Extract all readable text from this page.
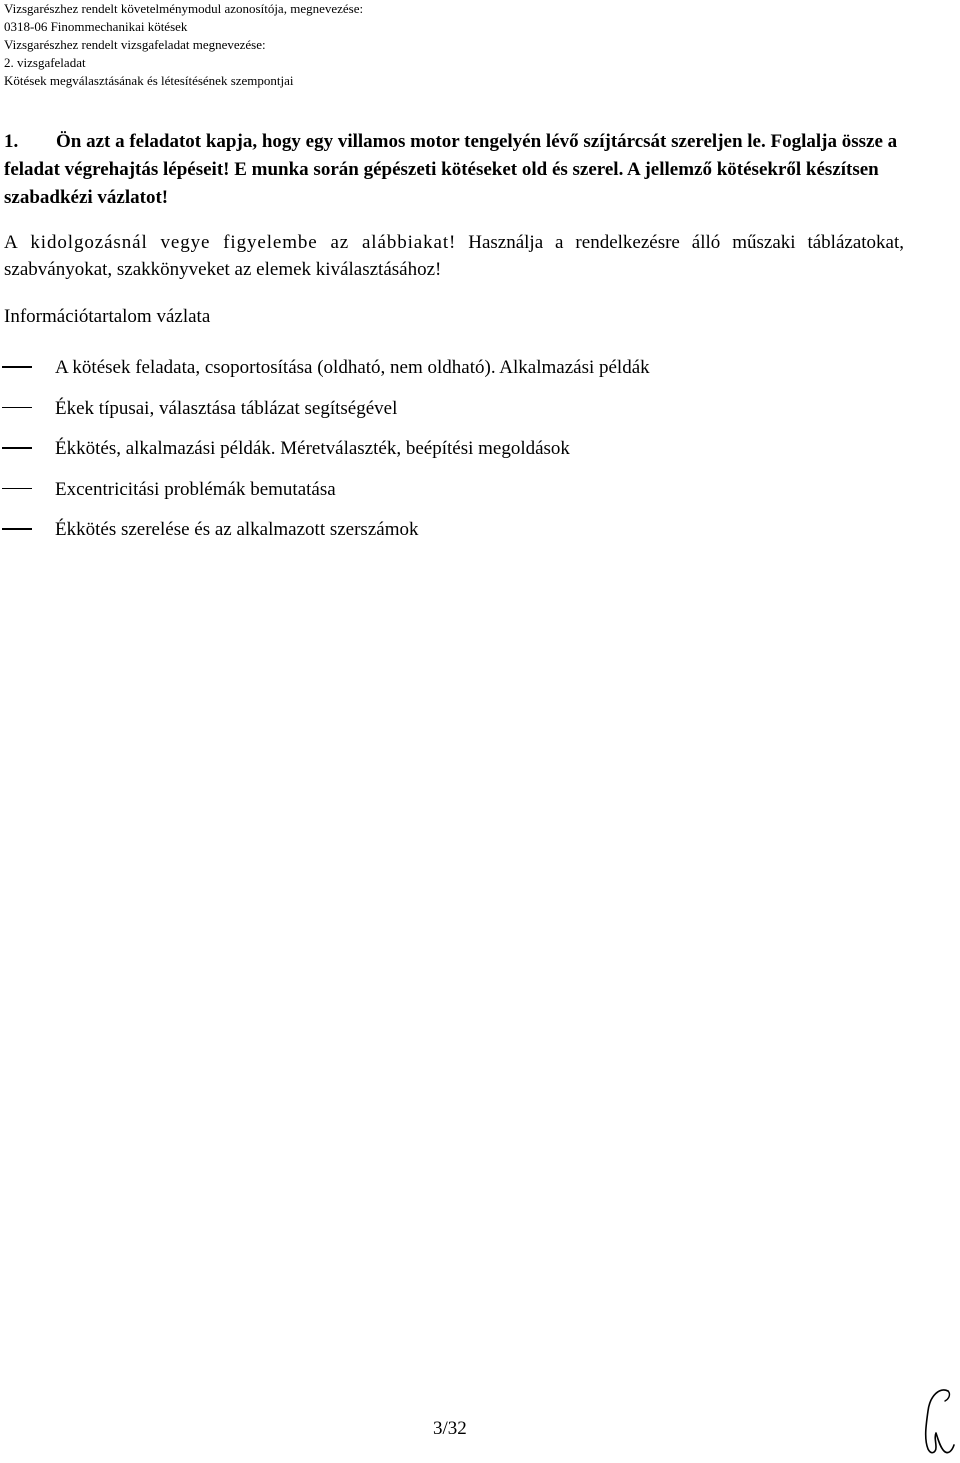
Vizsgarészhez rendelt követelménymodul azonosítója, megnevezése:
0318-06 Finommechanikai kötések
Vizsgarészhez rendelt vizsgafeladat megnevezése:
2. vizsgafeladat
Kötések megválasztásának és létesítésének szempontjai
1. Ön azt a feladatot kapja, hogy egy villamos motor tengelyén lévő szíjtárcsát szereljen le. Foglalja össze a feladat végrehajtás lépéseit! E munka során gépészeti kötéseket old és szerel. A jellemző kötésekről készítsen szabadkézi vázlatot!
A kidolgozásnál vegye figyelembe az alábbiakat! Használja a rendelkezésre álló műszaki táblázatokat, szabványokat, szakkönyveket az elemek kiválasztásához!
Információtartalom vázlata
A kötések feladata, csoportosítása (oldható, nem oldható). Alkalmazási példák
Ékek típusai, választása táblázat segítségével
Ékkötés, alkalmazási példák. Méretválaszték, beépítési megoldások
Excentricitási problémák bemutatása
Ékkötés szerelése és az alkalmazott szerszámok
3/32
